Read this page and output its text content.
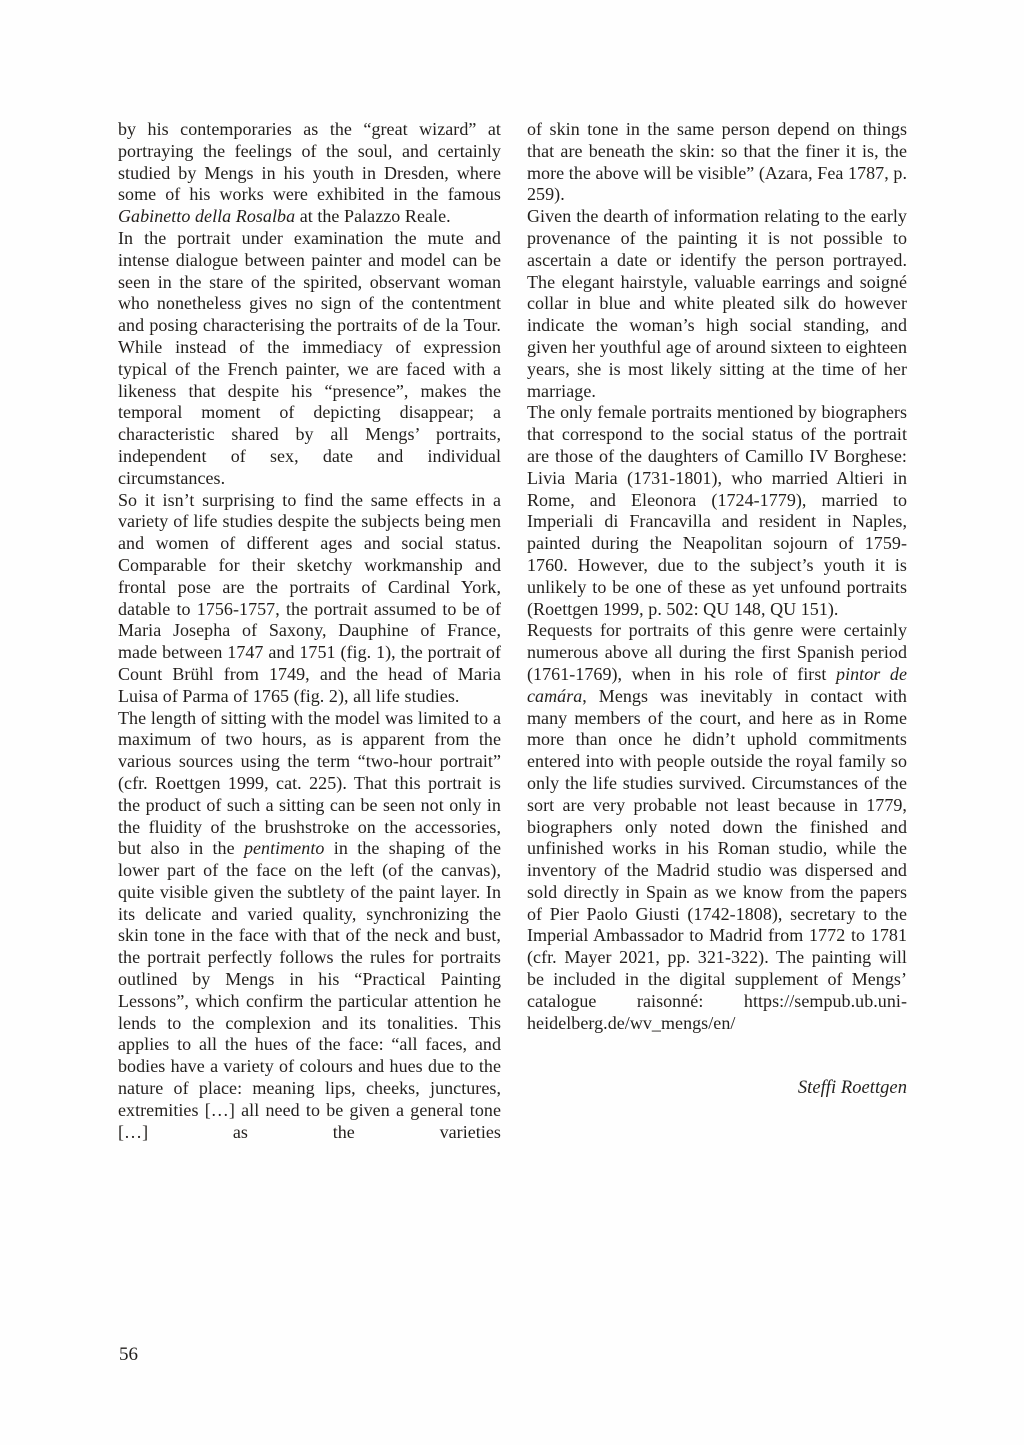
by his contemporaries as the “great wizard” at portraying the feelings of the soul, and certainly studied by Mengs in his youth in Dresden, where some of his works were exhibited in the famous Gabinetto della Rosalba at the Palazzo Reale.

In the portrait under examination the mute and intense dialogue between painter and model can be seen in the stare of the spirited, observant woman who nonetheless gives no sign of the contentment and posing characterising the portraits of de la Tour. While instead of the immediacy of expression typical of the French painter, we are faced with a likeness that despite his “presence”, makes the temporal moment of depicting disappear; a characteristic shared by all Mengs’ portraits, independent of sex, date and individual circumstances.

So it isn’t surprising to find the same effects in a variety of life studies despite the subjects being men and women of different ages and social status. Comparable for their sketchy workmanship and frontal pose are the portraits of Cardinal York, datable to 1756-1757, the portrait assumed to be of Maria Josepha of Saxony, Dauphine of France, made between 1747 and 1751 (fig. 1), the portrait of Count Brühl from 1749, and the head of Maria Luisa of Parma of 1765 (fig. 2), all life studies.

The length of sitting with the model was limited to a maximum of two hours, as is apparent from the various sources using the term “two-hour portrait” (cfr. Roettgen 1999, cat. 225). That this portrait is the product of such a sitting can be seen not only in the fluidity of the brushstroke on the accessories, but also in the pentimento in the shaping of the lower part of the face on the left (of the canvas), quite visible given the subtlety of the paint layer. In its delicate and varied quality, synchronizing the skin tone in the face with that of the neck and bust, the portrait perfectly follows the rules for portraits outlined by Mengs in his “Practical Painting Lessons”, which confirm the particular attention he lends to the complexion and its tonalities. This applies to all the hues of the face: “all faces, and bodies have a variety of colours and hues due to the nature of place: meaning lips, cheeks, junctures, extremities […] all need to be given a general tone […] as the varieties

of skin tone in the same person depend on things that are beneath the skin: so that the finer it is, the more the above will be visible” (Azara, Fea 1787, p. 259).

Given the dearth of information relating to the early provenance of the painting it is not possible to ascertain a date or identify the person portrayed. The elegant hairstyle, valuable earrings and soigné collar in blue and white pleated silk do however indicate the woman’s high social standing, and given her youthful age of around sixteen to eighteen years, she is most likely sitting at the time of her marriage.

The only female portraits mentioned by biographers that correspond to the social status of the portrait are those of the daughters of Camillo IV Borghese: Livia Maria (1731-1801), who married Altieri in Rome, and Eleonora (1724-1779), married to Imperiali di Francavilla and resident in Naples, painted during the Neapolitan sojourn of 1759-1760. However, due to the subject’s youth it is unlikely to be one of these as yet unfound portraits (Roettgen 1999, p. 502: QU 148, QU 151).

Requests for portraits of this genre were certainly numerous above all during the first Spanish period (1761-1769), when in his role of first pintor de camára, Mengs was inevitably in contact with many members of the court, and here as in Rome more than once he didn’t uphold commitments entered into with people outside the royal family so only the life studies survived. Circumstances of the sort are very probable not least because in 1779, biographers only noted down the finished and unfinished works in his Roman studio, while the inventory of the Madrid studio was dispersed and sold directly in Spain as we know from the papers of Pier Paolo Giusti (1742-1808), secretary to the Imperial Ambassador to Madrid from 1772 to 1781 (cfr. Mayer 2021, pp. 321-322). The painting will be included in the digital supplement of Mengs’ catalogue raisonné: https://sempub.ub.uni-heidelberg.de/wv_mengs/en/

Steffi Roettgen
56
